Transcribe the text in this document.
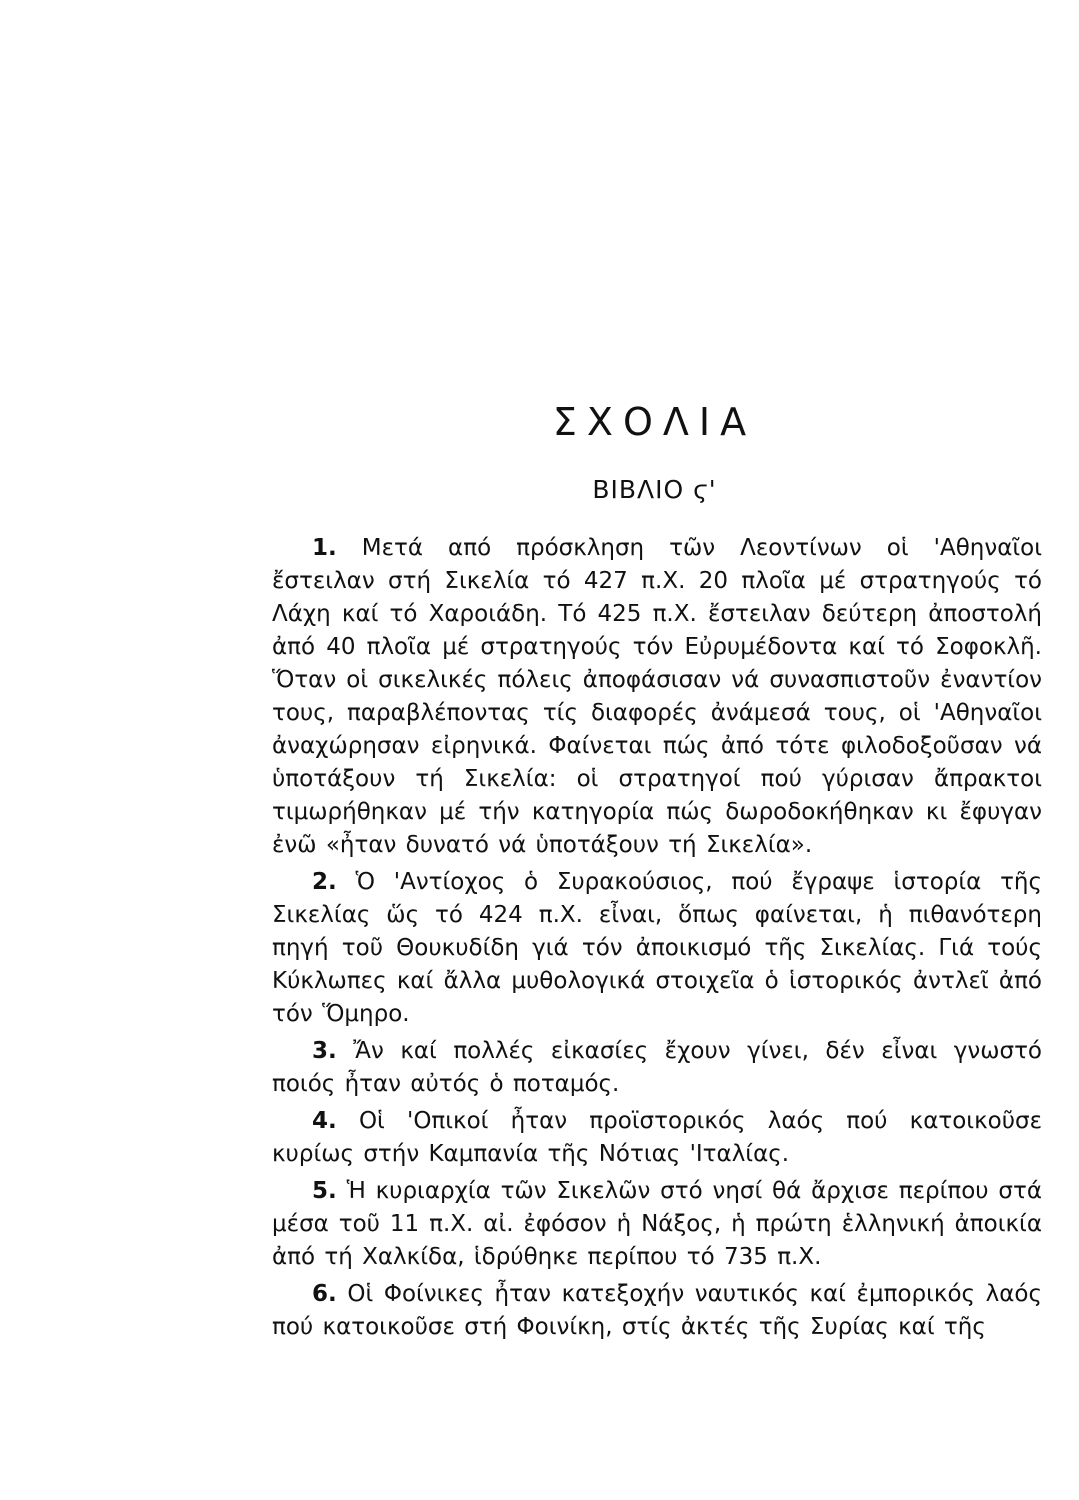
ΣΧΟΛΙΑ
ΒΙΒΛΙΟ ϛ'

1. Μετά από πρόσκληση τῶν Λεοντίνων οἱ 'Αθηναῖοι ἔστειλαν στή Σικελία τό 427 π.Χ. 20 πλοῖα μέ στρατηγούς τό Λάχη καί τό Χαροιάδη. Τό 425 π.Χ. ἔστειλαν δεύτερη ἀποστολή ἀπό 40 πλοῖα μέ στρατηγούς τόν Εὐρυμέδοντα καί τό Σοφοκλῆ. Ὅταν οἱ σικελικές πόλεις ἀποφάσισαν νά συνασπιστοῦν ἐναντίον τους, παραβλέποντας τίς διαφορές ἀνάμεσά τους, οἱ 'Αθηναῖοι ἀναχώρησαν εἰρηνικά. Φαίνεται πώς ἀπό τότε φιλοδοξοῦσαν νά ὑποτάξουν τή Σικελία: οἱ στρατηγοί πού γύρισαν ἄπρακτοι τιμωρήθηκαν μέ τήν κατηγορία πώς δωροδοκήθηκαν κι ἔφυγαν ἐνῶ «ἦταν δυνατό νά ὑποτάξουν τή Σικελία».

2. Ὁ 'Αντίοχος ὁ Συρακούσιος, πού ἔγραψε ἱστορία τῆς Σικελίας ὥς τό 424 π.Χ. εἶναι, ὅπως φαίνεται, ἡ πιθανότερη πηγή τοῦ Θουκυδίδη γιά τόν ἀποικισμό τῆς Σικελίας. Γιά τούς Κύκλωπες καί ἄλλα μυθολογικά στοιχεῖα ὁ ἱστορικός ἀντλεῖ ἀπό τόν Ὅμηρο.

3. Ἄν καί πολλές εἰκασίες ἔχουν γίνει, δέν εἶναι γνωστό ποιός ἦταν αὐτός ὁ ποταμός.

4. Οἱ 'Οπικοί ἦταν προϊστορικός λαός πού κατοικοῦσε κυρίως στήν Καμπανία τῆς Νότιας 'Ιταλίας.

5. Ἡ κυριαρχία τῶν Σικελῶν στό νησί θά ἄρχισε περίπου στά μέσα τοῦ 11 π.Χ. αἰ. ἐφόσον ἡ Νάξος, ἡ πρώτη ἑλληνική ἀποικία ἀπό τή Χαλκίδα, ἱδρύθηκε περίπου τό 735 π.Χ.

6. Οἱ Φοίνικες ἦταν κατεξοχήν ναυτικός καί ἐμπορικός λαός πού κατοικοῦσε στή Φοινίκη, στίς ἀκτές τῆς Συρίας καί τῆς
